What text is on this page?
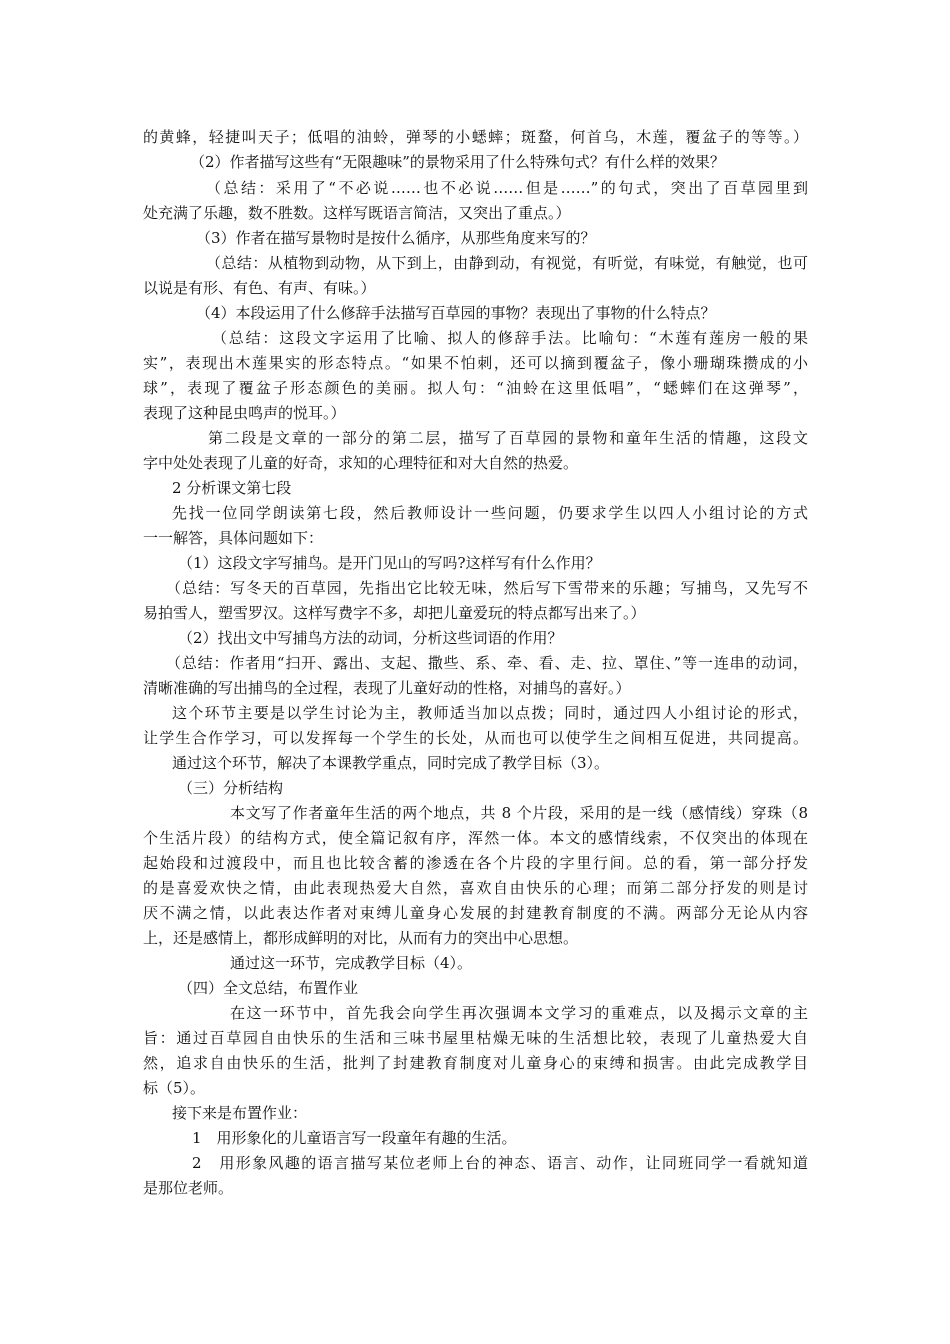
的黄蜂，轻捷叫天子；低唱的油蛉，弹琴的小蟋蟀；斑蝥，何首乌，木莲，覆盆子的等等。）

（2）作者描写这些有“无限趣味”的景物采用了什么特殊句式？有什么样的效果？

（总结：采用了“不必说……也不必说……但是……”的句式，突出了百草园里到

处充满了乐趣，数不胜数。这样写既语言简洁，又突出了重点。）

（3）作者在描写景物时是按什么循序，从那些角度来写的？

（总结：从植物到动物，从下到上，由静到动，有视觉，有听觉，有味觉，有触觉，也可

以说是有形、有色、有声、有味。）

（4）本段运用了什么修辞手法描写百草园的事物？表现出了事物的什么特点？

（总结：这段文字运用了比喻、拟人的修辞手法。比喻句：“木莲有莲房一般的果

实”，表现出木莲果实的形态特点。“如果不怕刺，还可以摘到覆盆子，像小珊瑚珠攒成的小

球”，表现了覆盆子形态颜色的美丽。拟人句：“油蛉在这里低唱”，“蟋蟀们在这弹琴”，

表现了这种昆虫鸣声的悦耳。）

第二段是文章的一部分的第二层，描写了百草园的景物和童年生活的情趣，这段文

字中处处表现了儿童的好奇，求知的心理特征和对大自然的热爱。

2 分析课文第七段

先找一位同学朗读第七段，然后教师设计一些问题，仍要求学生以四人小组讨论的方式

一一解答，具体问题如下：

（1）这段文字写捕鸟。是开门见山的写吗?这样写有什么作用？

（总结：写冬天的百草园，先指出它比较无味，然后写下雪带来的乐趣；写捕鸟，又先写不

易拍雪人，塑雪罗汉。这样写费字不多，却把儿童爱玩的特点都写出来了。）

（2）找出文中写捕鸟方法的动词，分析这些词语的作用？

（总结：作者用“扫开、露出、支起、撒些、系、牵、看、走、拉、罩住、”等一连串的动词，

清晰准确的写出捕鸟的全过程，表现了儿童好动的性格，对捕鸟的喜好。）

这个环节主要是以学生讨论为主，教师适当加以点拨；同时，通过四人小组讨论的形式，

让学生合作学习，可以发挥每一个学生的长处，从而也可以使学生之间相互促进，共同提高。

通过这个环节，解决了本课教学重点，同时完成了教学目标（3）。

（三）分析结构

本文写了作者童年生活的两个地点，共 8 个片段，采用的是一线（感情线）穿珠（8

个生活片段）的结构方式，使全篇记叙有序，浑然一体。本文的感情线索，不仅突出的体现在

起始段和过渡段中，而且也比较含蓄的渗透在各个片段的字里行间。总的看，第一部分抒发

的是喜爱欢快之情，由此表现热爱大自然，喜欢自由快乐的心理；而第二部分抒发的则是讨

厌不满之情，以此表达作者对束缚儿童身心发展的封建教育制度的不满。两部分无论从内容

上，还是感情上，都形成鲜明的对比，从而有力的突出中心思想。

通过这一环节，完成教学目标（4）。

（四）全文总结，布置作业

在这一环节中，首先我会向学生再次强调本文学习的重难点，以及揭示文章的主

旨：通过百草园自由快乐的生活和三味书屋里枯燥无味的生活想比较，表现了儿童热爱大自

然，追求自由快乐的生活，批判了封建教育制度对儿童身心的束缚和损害。由此完成教学目

标（5）。

接下来是布置作业：

1　用形象化的儿童语言写一段童年有趣的生活。

2　用形象风趣的语言描写某位老师上台的神态、语言、动作，让同班同学一看就知道

是那位老师。
